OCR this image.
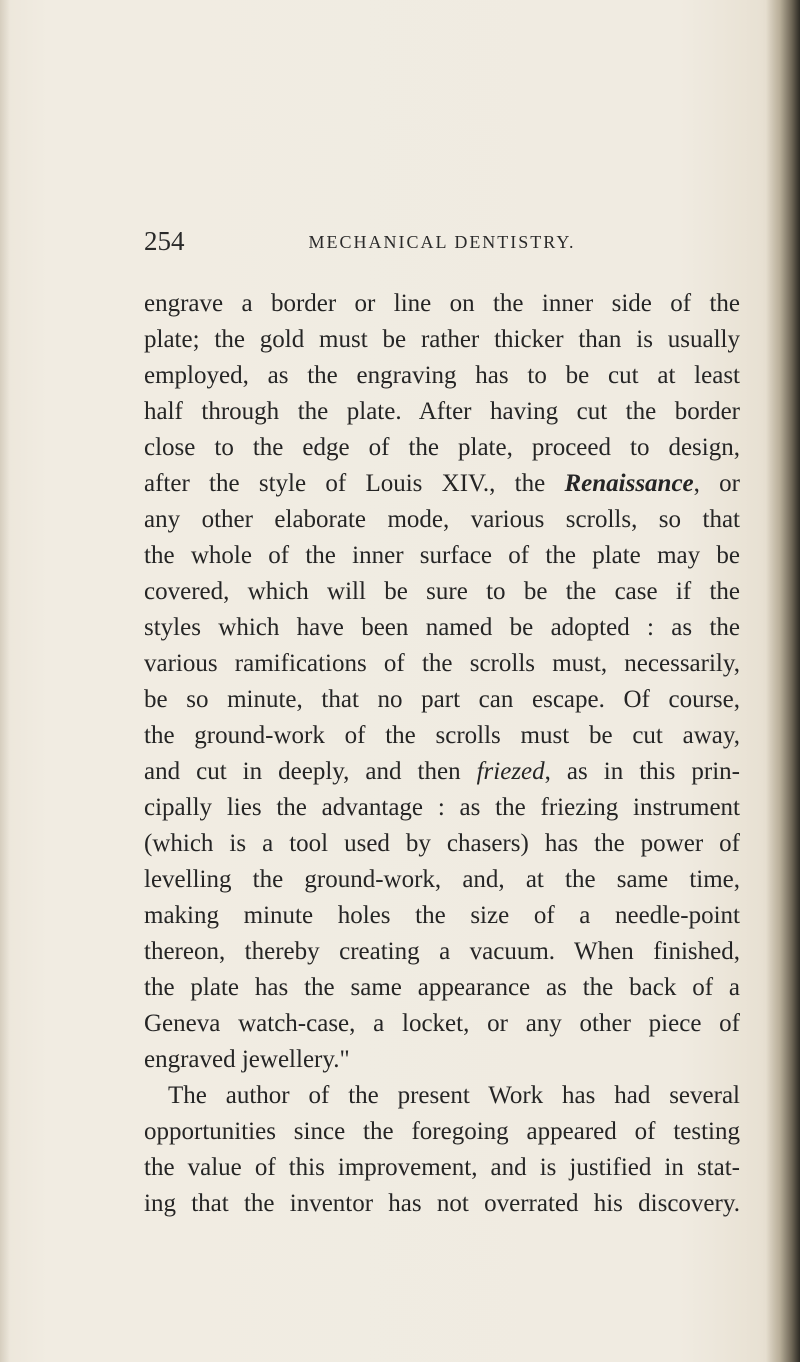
254	MECHANICAL DENTISTRY.
engrave a border or line on the inner side of the
plate; the gold must be rather thicker than is usually
employed, as the engraving has to be cut at least
half through the plate. After having cut the border
close to the edge of the plate, proceed to design,
after the style of Louis XIV., the Renaissance, or
any other elaborate mode, various scrolls, so that
the whole of the inner surface of the plate may be
covered, which will be sure to be the case if the
styles which have been named be adopted : as the
various ramifications of the scrolls must, necessarily,
be so minute, that no part can escape. Of course,
the ground-work of the scrolls must be cut away,
and cut in deeply, and then friezed, as in this prin-
cipally lies the advantage : as the friezing instrument
(which is a tool used by chasers) has the power of
levelling the ground-work, and, at the same time,
making minute holes the size of a needle-point
thereon, thereby creating a vacuum. When finished,
the plate has the same appearance as the back of a
Geneva watch-case, a locket, or any other piece of
engraved jewellery."
The author of the present Work has had several
opportunities since the foregoing appeared of testing
the value of this improvement, and is justified in stat-
ing that the inventor has not overrated his discovery.
